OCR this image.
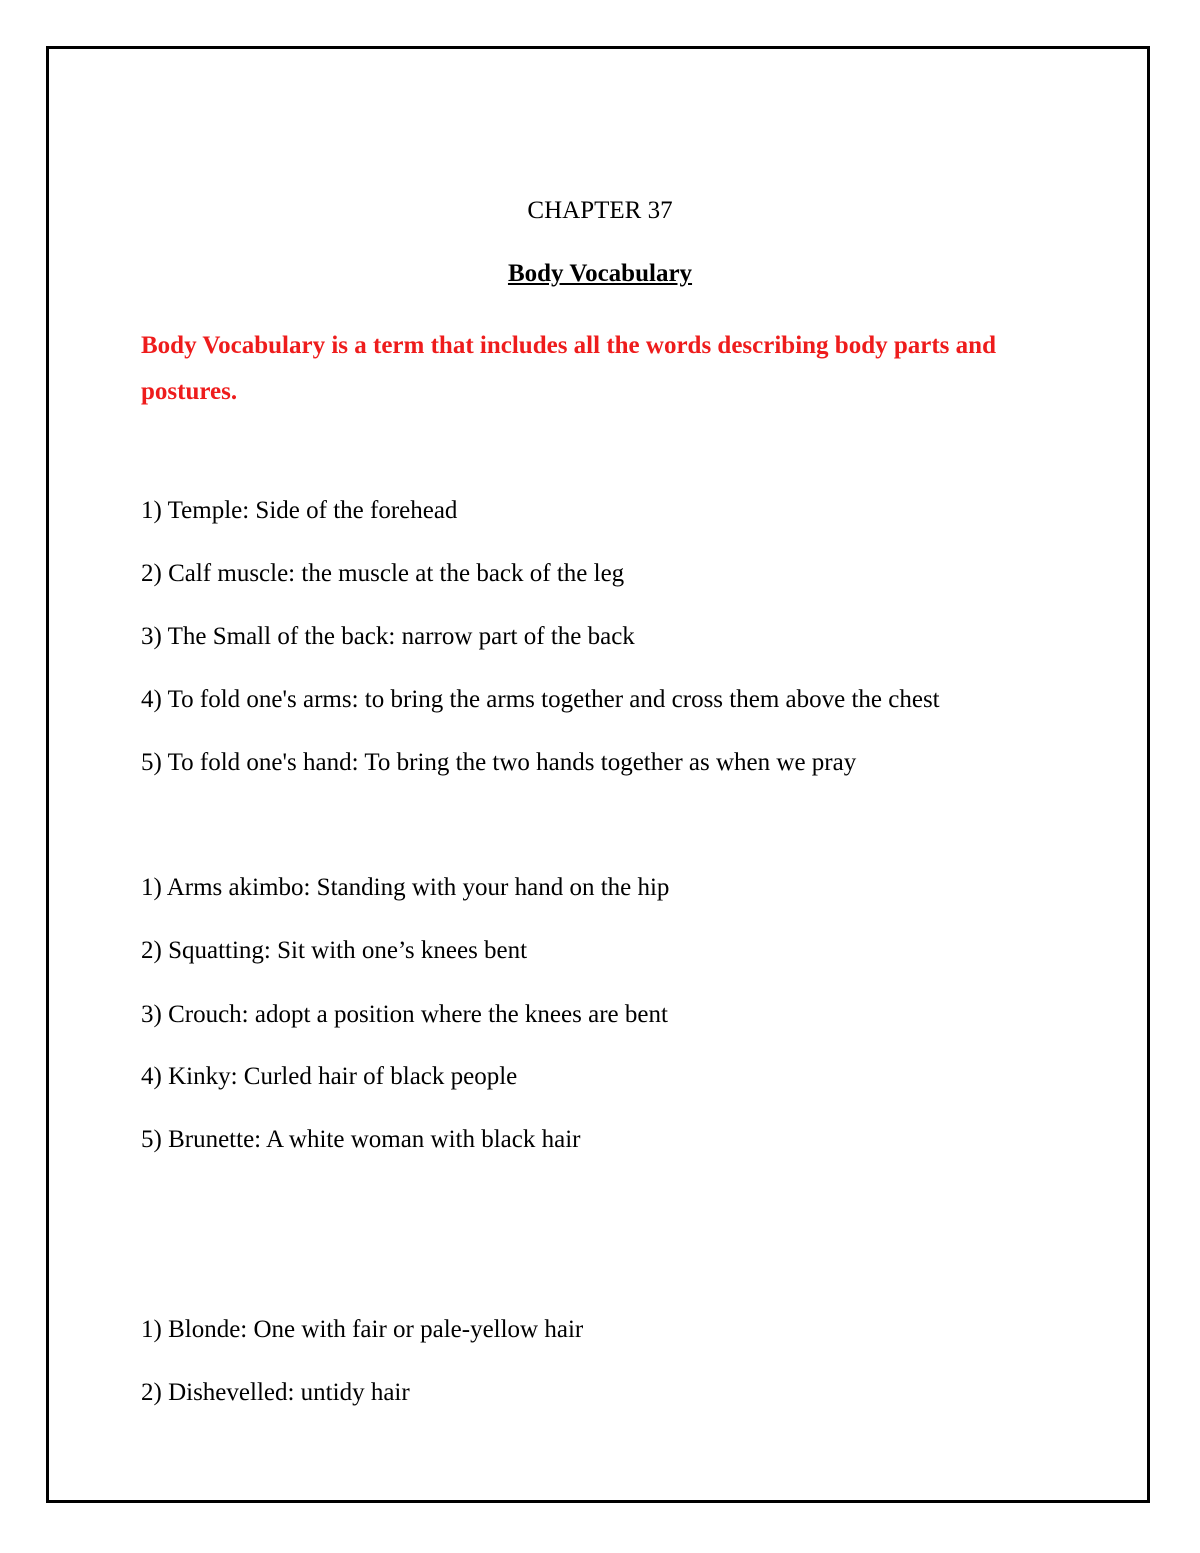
CHAPTER 37
Body Vocabulary
Body Vocabulary is a term that includes all the words describing body parts and postures.
1) Temple: Side of the forehead
2) Calf muscle: the muscle at the back of the leg
3) The Small of the back: narrow part of the back
4) To fold one's arms: to bring the arms together and cross them above the chest
5) To fold one's hand: To bring the two hands together as when we pray
1) Arms akimbo: Standing with your hand on the hip
2) Squatting: Sit with one’s knees bent
3) Crouch: adopt a position where the knees are bent
4) Kinky: Curled hair of black people
5) Brunette: A white woman with black hair
1) Blonde: One with fair or pale-yellow hair
2) Dishevelled: untidy hair
